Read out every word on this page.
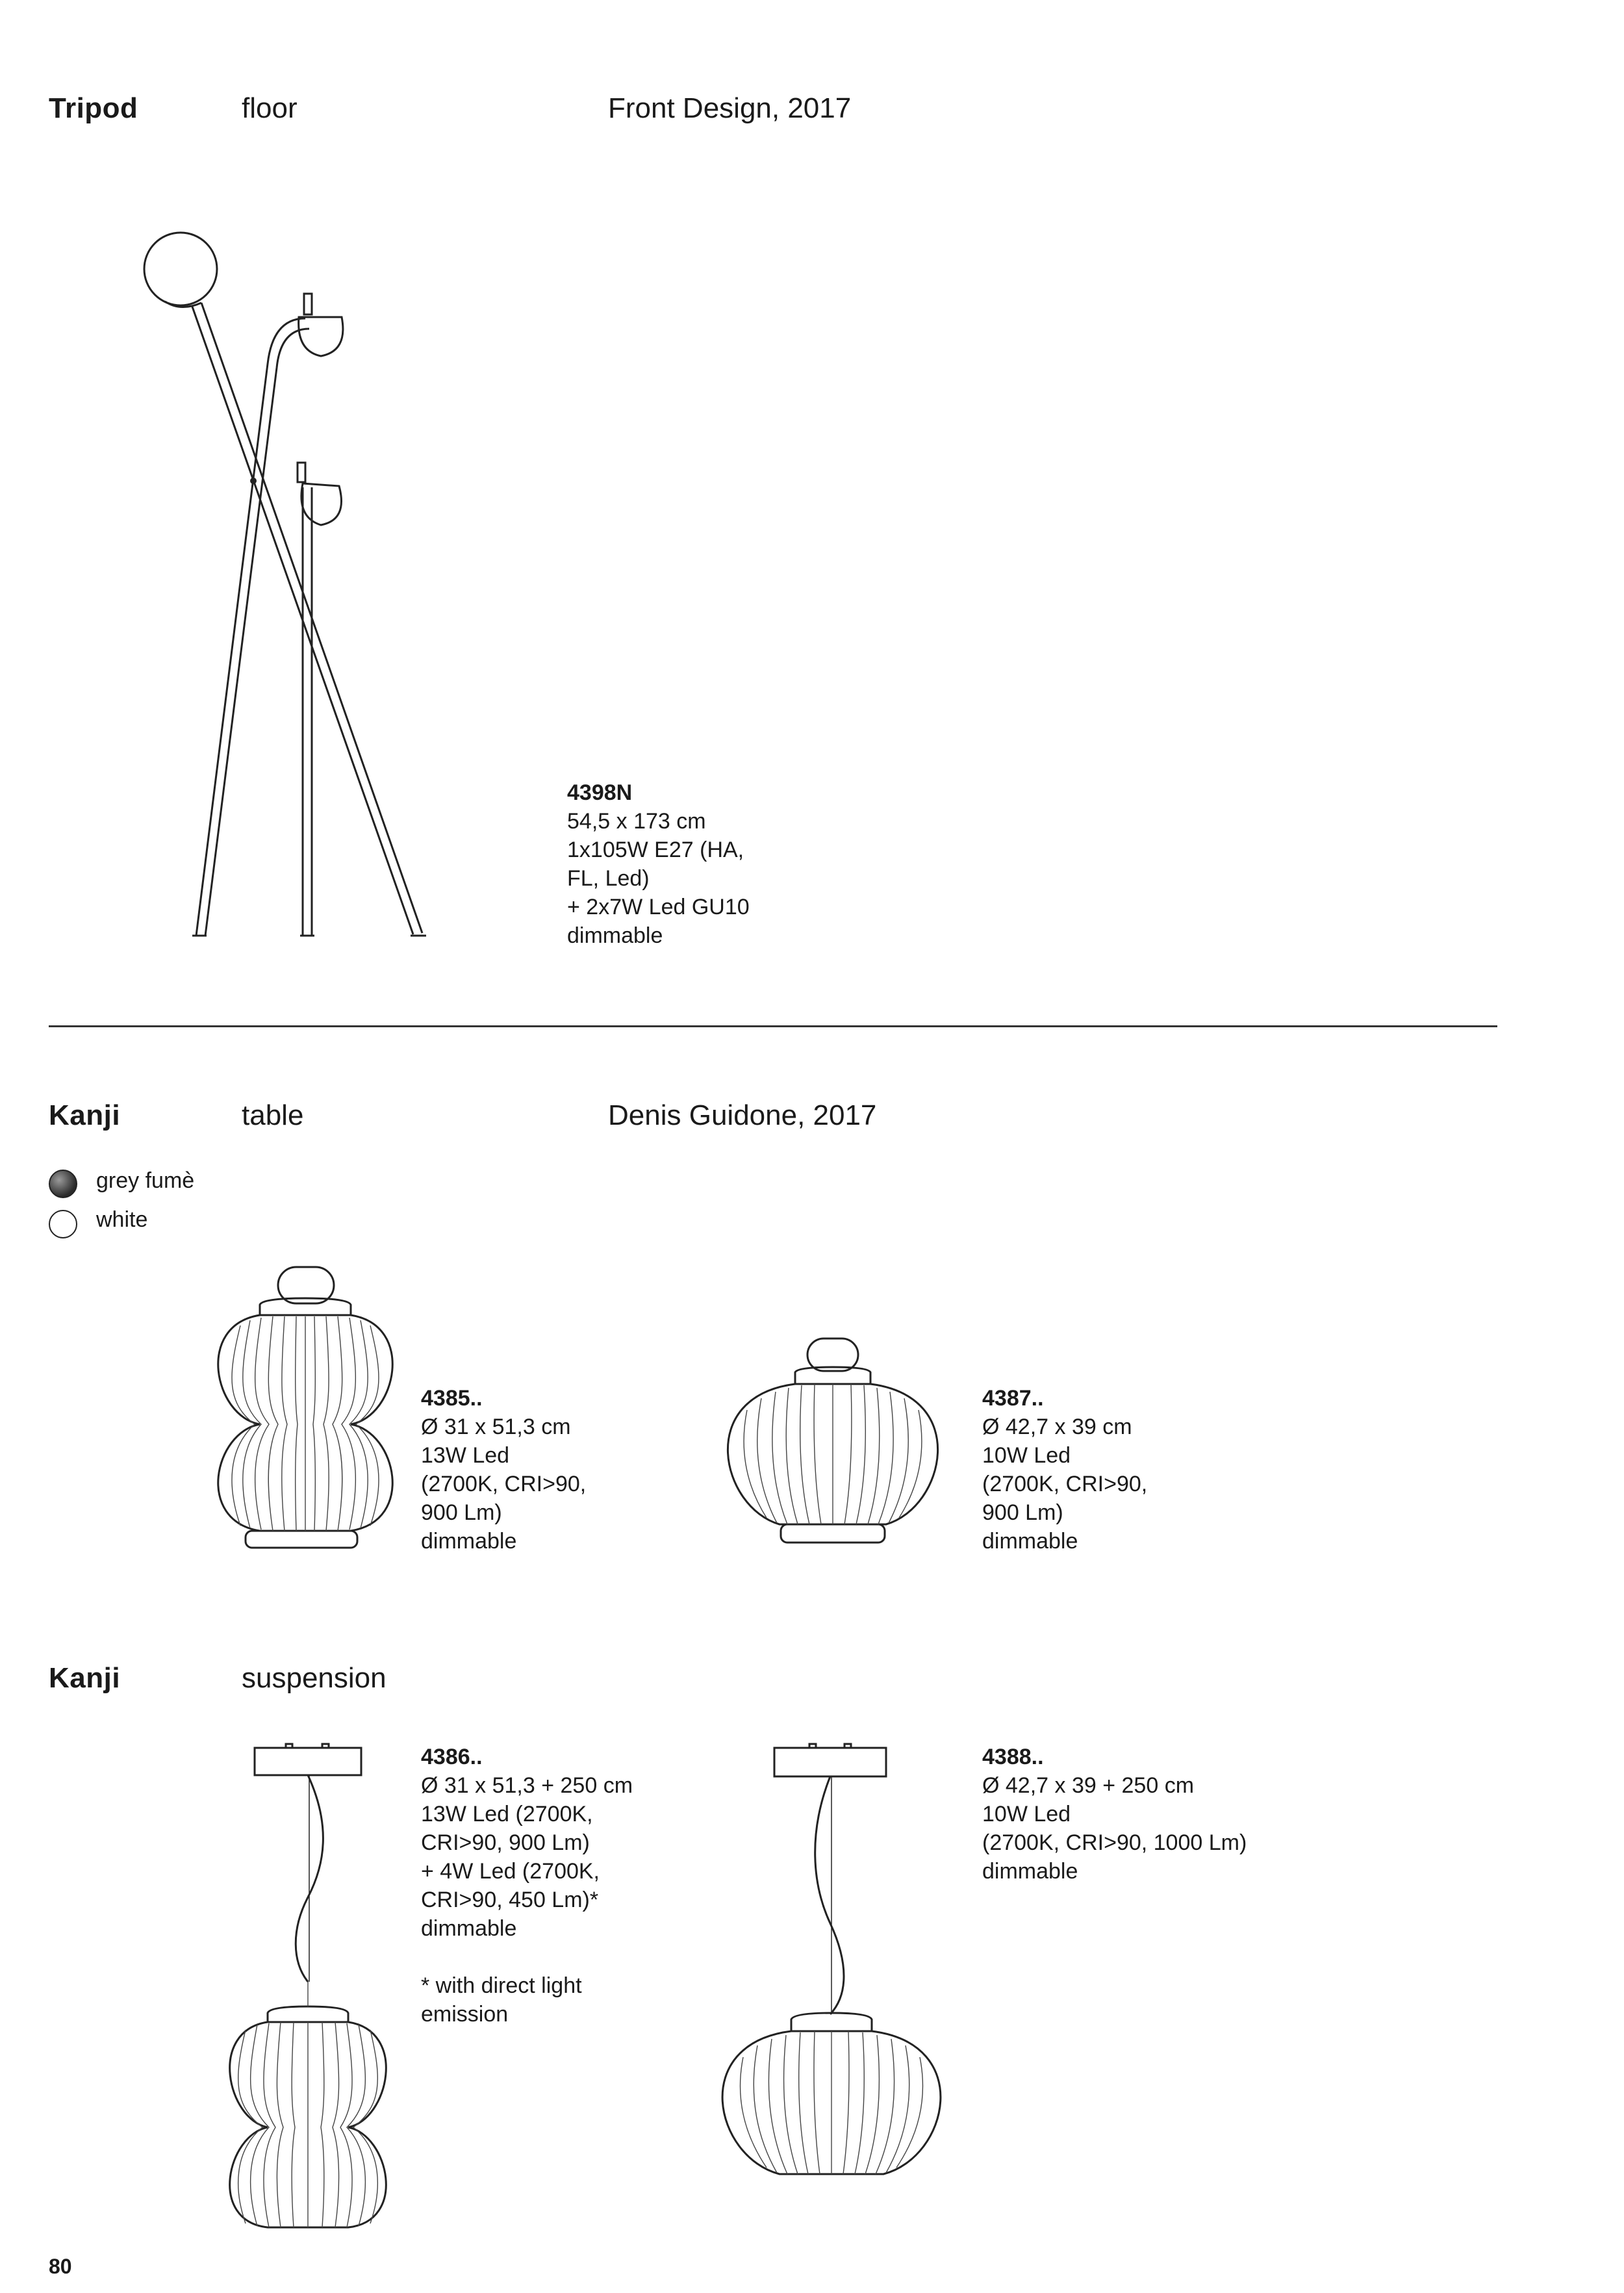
Tripod	floor	Front Design, 2017
4398N
54,5 x 173 cm
1x105W E27 (HA,
FL, Led)
+ 2x7W Led GU10
dimmable
Kanji	table	Denis Guidone, 2017
grey fumè
white
4385..
Ø 31 x 51,3 cm
13W Led
(2700K, CRI>90,
900 Lm)
dimmable
4387..
Ø 42,7 x 39 cm
10W Led
(2700K, CRI>90,
900 Lm)
dimmable
Kanji	suspension
4386..
Ø 31 x 51,3 + 250 cm
13W Led (2700K,
CRI>90, 900 Lm)
+ 4W Led (2700K,
CRI>90, 450 Lm)*
dimmable

* with direct light
emission
4388..
Ø 42,7 x 39 + 250 cm
10W Led
(2700K, CRI>90, 1000 Lm)
dimmable
80
